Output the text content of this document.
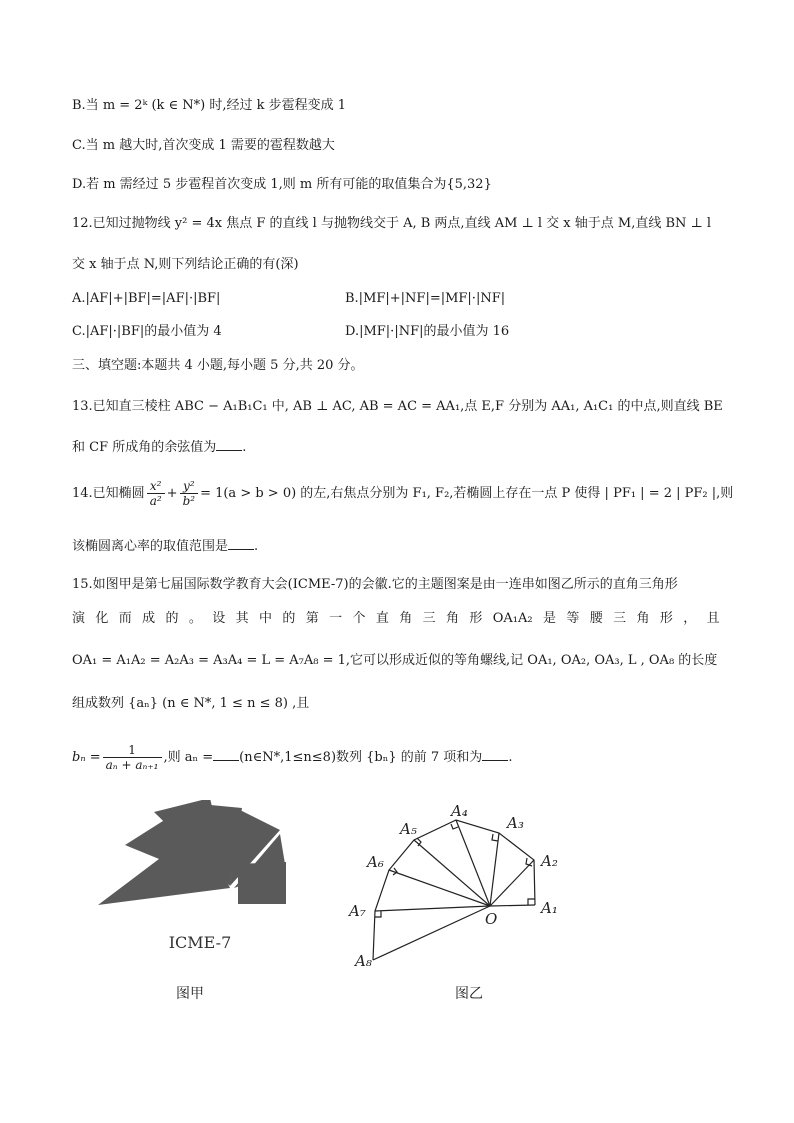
B.当 m = 2ᵏ (k ∈ N*) 时,经过 k 步雹程变成 1
C.当 m 越大时,首次变成 1 需要的雹程数越大
D.若 m 需经过 5 步雹程首次变成 1,则 m 所有可能的取值集合为{5,32}
12.已知过抛物线 y² = 4x 焦点 F 的直线 l 与抛物线交于 A, B 两点,直线 AM ⊥ l 交 x 轴于点 M,直线 BN ⊥ l
交 x 轴于点 N,则下列结论正确的有(深)
A.|AF|+|BF|=|AF|·|BF|	B.|MF|+|NF|=|MF|·|NF|
C.|AF|·|BF|的最小值为 4	D.|MF|·|NF|的最小值为 16
三、填空题:本题共 4 小题,每小题 5 分,共 20 分。
13.已知直三棱柱 ABC − A₁B₁C₁ 中, AB ⊥ AC, AB = AC = AA₁,点 E,F 分别为 AA₁, A₁C₁ 的中点,则直线 BE
和 CF 所成角的余弦值为 .
14.已知椭圆 $\frac{\text{x²}}{\text{a²}} + \frac{\text{y²}}{\text{b²}} = 1(a > b > 0)$ 的左,右焦点分别为 F₁, F₂,若椭圆上存在一点 P 使得 | PF₁ | = 2 | PF₂ |,则
该椭圆离心率的取值范围是 .
15.如图甲是第七届国际数学教育大会(ICME-7)的会徽.它的主题图案是由一连串如图乙所示的直角三角形
演 化 而 成 的 。 设 其 中 的 第 一 个 直 角 三 角 形 OA₁A₂ 是 等 腰 三 角 形 ， 且
OA₁ = A₁A₂ = A₂A₃ = A₃A₄ = L = A₇A₈ = 1,它可以形成近似的等角螺线,记 OA₁, OA₂, OA₃, L , OA₈ 的长度
组成数列 {aₙ} (n ∈ N*, 1 ≤ n ≤ 8) ,且
$b_n = \frac{1}{\text{aₙ + aₙ₊₁}}$ ,则 aₙ = (n∈N*,1≤n≤8)数列 {bₙ} 的前 7 项和为 .
ICME-7
图甲
A₁
A₂
A₃
A₄
A₅
A₆
A₇
A₈
O
图乙
